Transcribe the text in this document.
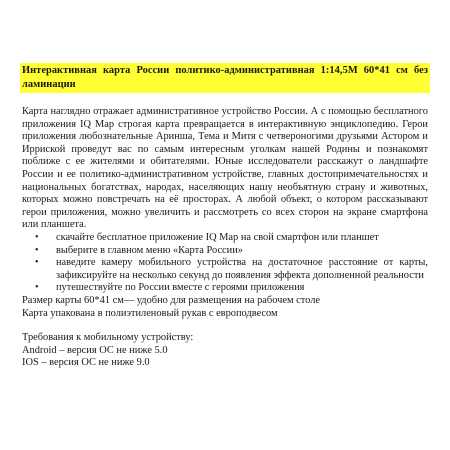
Интерактивная карта России политико-административная 1:14,5М 60*41 см без ламинации
Карта наглядно отражает административное устройство России. А с помощью бесплатного приложения IQ Map строгая карта превращается в интерактивную энциклопедию. Герои приложения любознательные Аринша, Тема и Митя с четвероногими друзьями Астором и Ирриской проведут вас по самым интересным уголкам нашей Родины и познакомят поближе с ее жителями и обитателями. Юные исследователи расскажут о ландшафте России и ее политико-административном устройстве, главных достопримечательностях и национальных богатствах, народах, населяющих нашу необъятную страну и животных, которых можно повстречать на её просторах. А любой объект, о котором рассказывают герои приложения, можно увеличить и рассмотреть со всех сторон на экране смартфона или планшета.
• скачайте бесплатное приложение IQ Map на свой смартфон или планшет
• выберите в главном меню «Карта России»
• наведите камеру мобильного устройства на достаточное расстояние от карты, зафиксируйте на несколько секунд до появления эффекта дополненной реальности
• путешествуйте по России вместе с героями приложения

Размер карты 60*41 см— удобно для размещения на рабочем столе

Карта упакована в полиэтиленовый рукав с европодвесом

Требования к мобильному устройству:

Android – версия ОС не ниже 5.0

IOS – версия ОС не ниже 9.0
